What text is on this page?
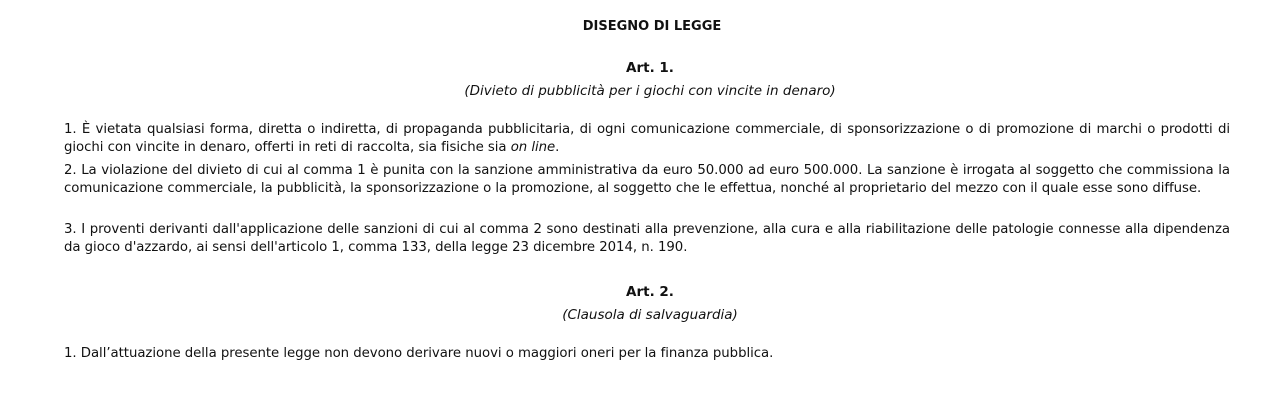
DISEGNO DI LEGGE
Art. 1.
(Divieto di pubblicità per i giochi con vincite in denaro)
1. È vietata qualsiasi forma, diretta o indiretta, di propaganda pubblicitaria, di ogni comunicazione commerciale, di sponsorizzazione o di promozione di marchi o prodotti di giochi con vincite in denaro, offerti in reti di raccolta, sia fisiche sia on line.
2. La violazione del divieto di cui al comma 1 è punita con la sanzione amministrativa da euro 50.000 ad euro 500.000. La sanzione è irrogata al soggetto che commissiona la comunicazione commerciale, la pubblicità, la sponsorizzazione o la promozione, al soggetto che le effettua, nonché al proprietario del mezzo con il quale esse sono diffuse.
3. I proventi derivanti dall'applicazione delle sanzioni di cui al comma 2 sono destinati alla prevenzione, alla cura e alla riabilitazione delle patologie connesse alla dipendenza da gioco d'azzardo, ai sensi dell'articolo 1, comma 133, della legge 23 dicembre 2014, n. 190.
Art. 2.
(Clausola di salvaguardia)
1. Dall’attuazione della presente legge non devono derivare nuovi o maggiori oneri per la finanza pubblica.
